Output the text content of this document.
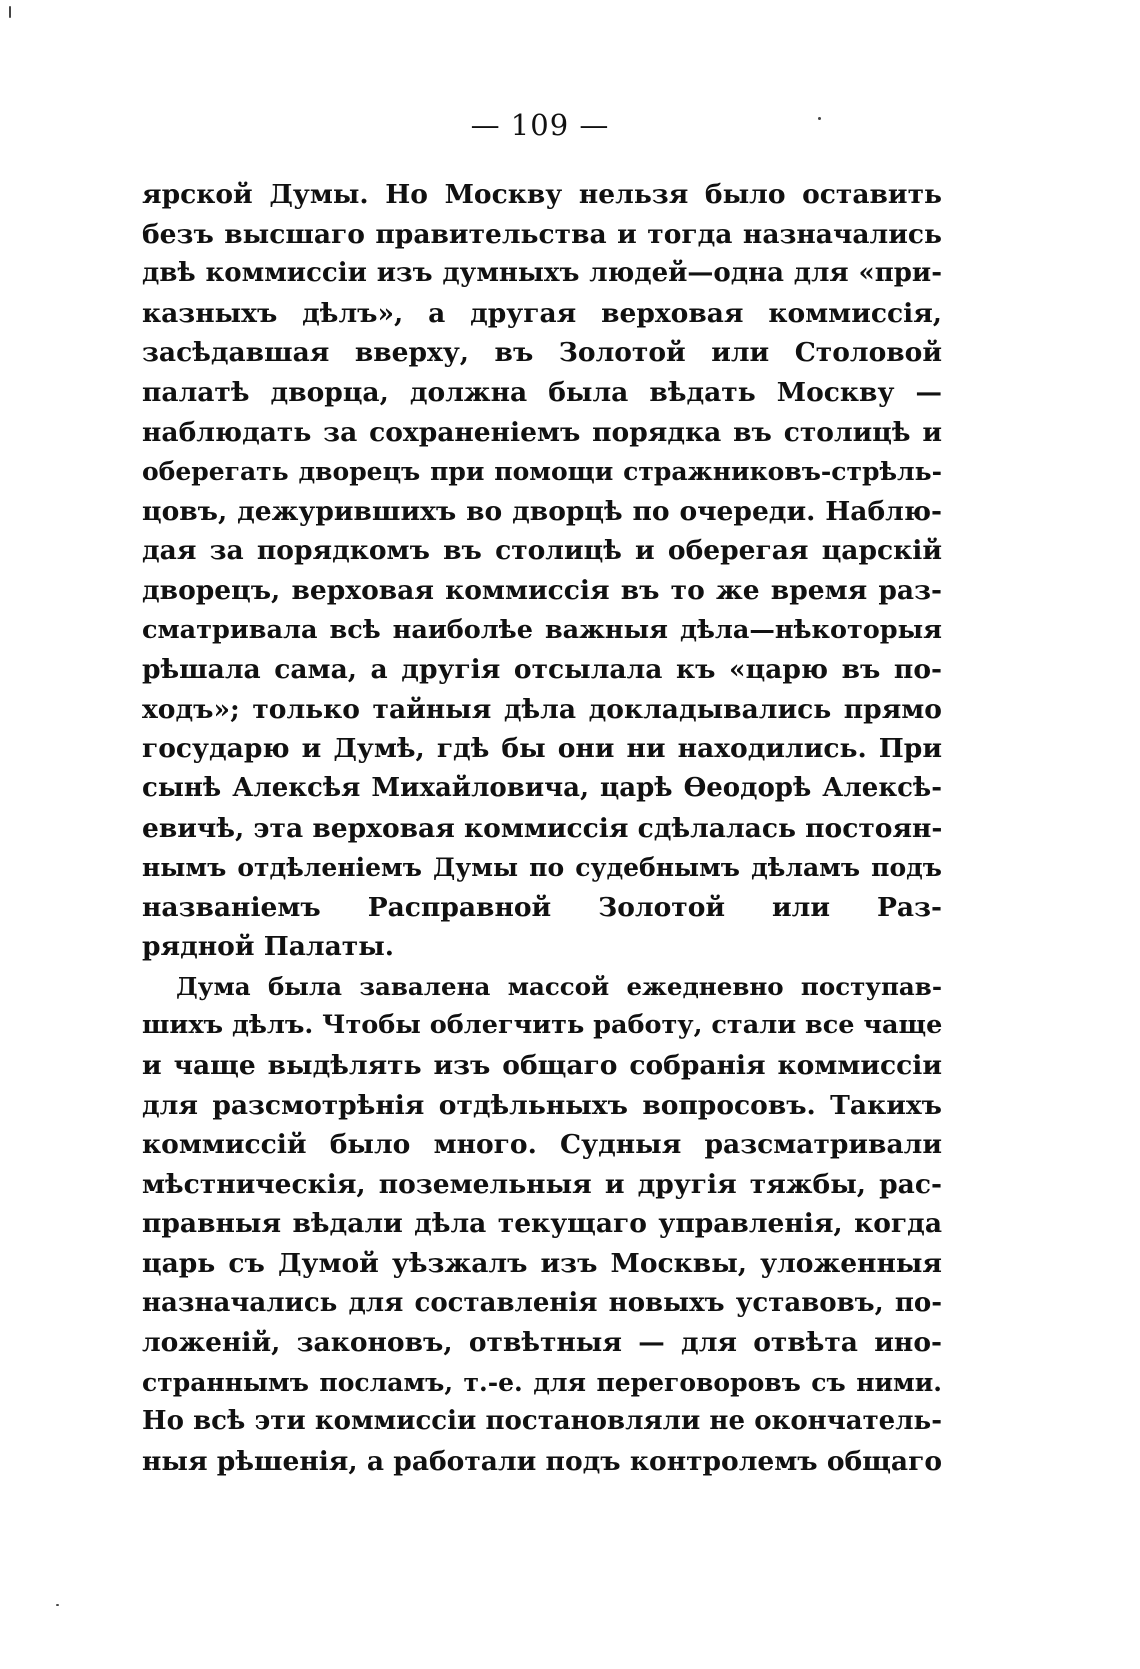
— 109 —
ярской Думы. Но Москву нельзя было оставить
безъ высшаго правительства и тогда назначались
двѣ коммиссіи изъ думныхъ людей—одна для «при-
казныхъ дѣлъ», а другая верховая коммиссія,
засѣдавшая вверху, въ Золотой или Столовой
палатѣ дворца, должна была вѣдать Москву —
наблюдать за сохраненіемъ порядка въ столицѣ и
оберегать дворецъ при помощи стражниковъ-стрѣль-
цовъ, дежурившихъ во дворцѣ по очереди. Наблю-
дая за порядкомъ въ столицѣ и оберегая царскій
дворецъ, верховая коммиссія въ то же время раз-
сматривала всѣ наиболѣе важныя дѣла—нѣкоторыя
рѣшала сама, а другія отсылала къ «царю въ по-
ходъ»; только тайныя дѣла докладывались прямо
государю и Думѣ, гдѣ бы они ни находились. При
сынѣ Алексѣя Михайловича, царѣ Ѳеодорѣ Алексѣ-
евичѣ, эта верховая коммиссія сдѣлалась постоян-
нымъ отдѣленіемъ Думы по судебнымъ дѣламъ подъ
названіемъ Расправной Золотой или Раз-
рядной Палаты.
Дума была завалена массой ежедневно поступав-
шихъ дѣлъ. Чтобы облегчить работу, стали все чаще
и чаще выдѣлять изъ общаго собранія коммиссіи
для разсмотрѣнія отдѣльныхъ вопросовъ. Такихъ
коммиссій было много. Судныя разсматривали
мѣстническія, поземельныя и другія тяжбы, рас-
правныя вѣдали дѣла текущаго управленія, когда
царь съ Думой уѣзжалъ изъ Москвы, уложенныя
назначались для составленія новыхъ уставовъ, по-
ложеній, законовъ, отвѣтныя — для отвѣта ино-
страннымъ посламъ, т.-е. для переговоровъ съ ними.
Но всѣ эти коммиссіи постановляли не окончатель-
ныя рѣшенія, а работали подъ контролемъ общаго
